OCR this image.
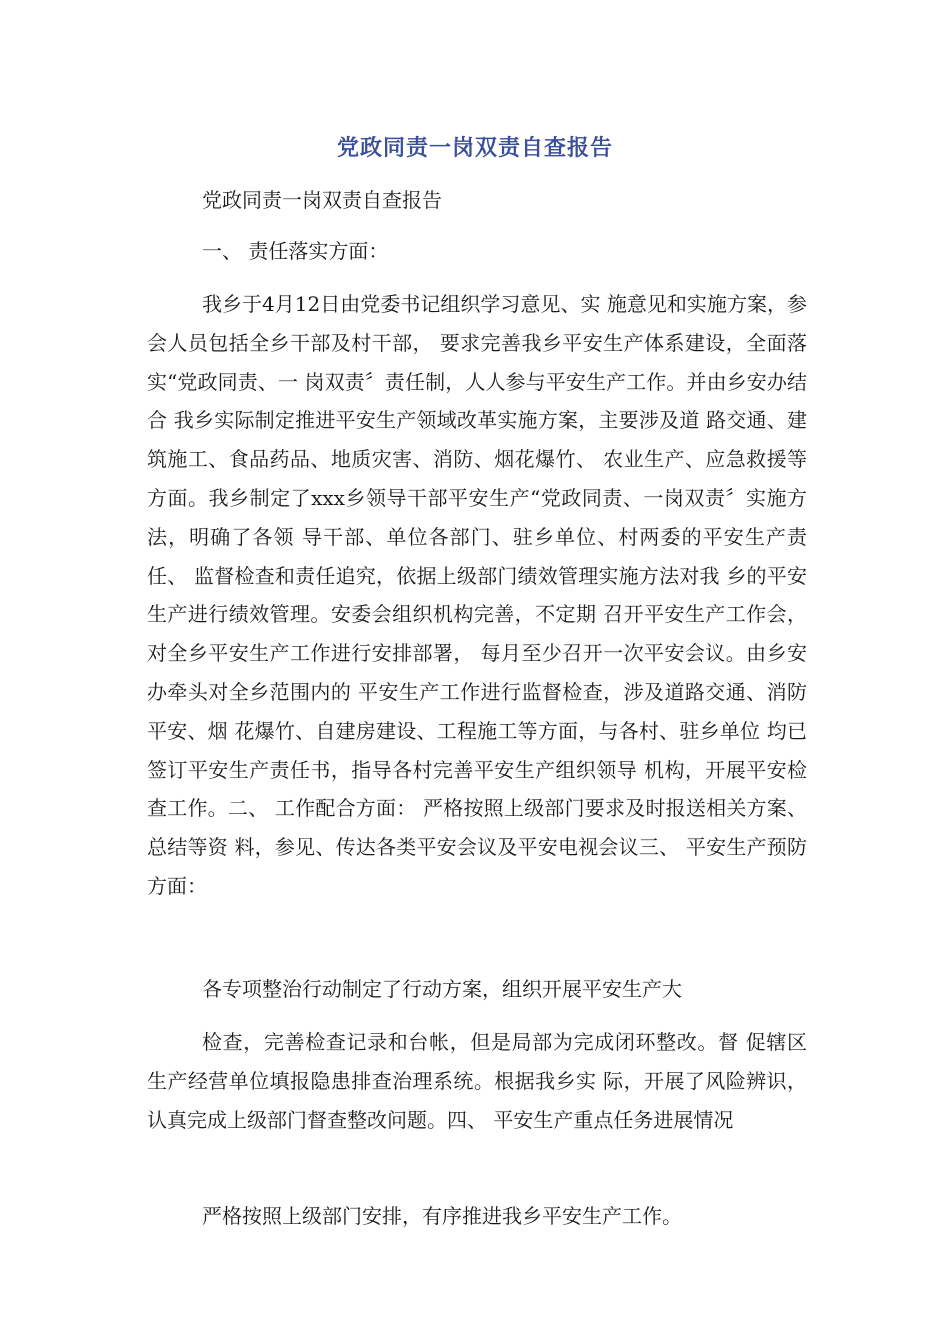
党政同责一岗双责自查报告
党政同责一岗双责自查报告
一、 责任落实方面：
我乡于4月12日由党委书记组织学习意见、实 施意见和实施方案，参会人员包括全乡干部及村干部， 要求完善我乡平安生产体系建设，全面落实“党政同责、一 岗双责〞责任制，人人参与平安生产工作。并由乡安办结合 我乡实际制定推进平安生产领域改革实施方案，主要涉及道 路交通、建筑施工、食品药品、地质灾害、消防、烟花爆竹、 农业生产、应急救援等方面。我乡制定了xxx乡领导干部平安生产“党政同责、一岗双责〞实施方法，明确了各领 导干部、单位各部门、驻乡单位、村两委的平安生产责任、 监督检查和责任追究，依据上级部门绩效管理实施方法对我 乡的平安生产进行绩效管理。安委会组织机构完善，不定期 召开平安生产工作会，对全乡平安生产工作进行安排部署， 每月至少召开一次平安会议。由乡安办牵头对全乡范围内的 平安生产工作进行监督检查，涉及道路交通、消防平安、烟 花爆竹、自建房建设、工程施工等方面，与各村、驻乡单位 均已签订平安生产责任书，指导各村完善平安生产组织领导 机构，开展平安检查工作。二、 工作配合方面： 严格按照上级部门要求及时报送相关方案、总结等资 料，参见、传达各类平安会议及平安电视会议三、 平安生产预防方面：
各专项整治行动制定了行动方案，组织开展平安生产大
检查，完善检查记录和台帐，但是局部为完成闭环整改。督 促辖区生产经营单位填报隐患排查治理系统。根据我乡实 际，开展了风险辨识，认真完成上级部门督查整改问题。四、 平安生产重点任务进展情况
严格按照上级部门安排，有序推进我乡平安生产工作。
